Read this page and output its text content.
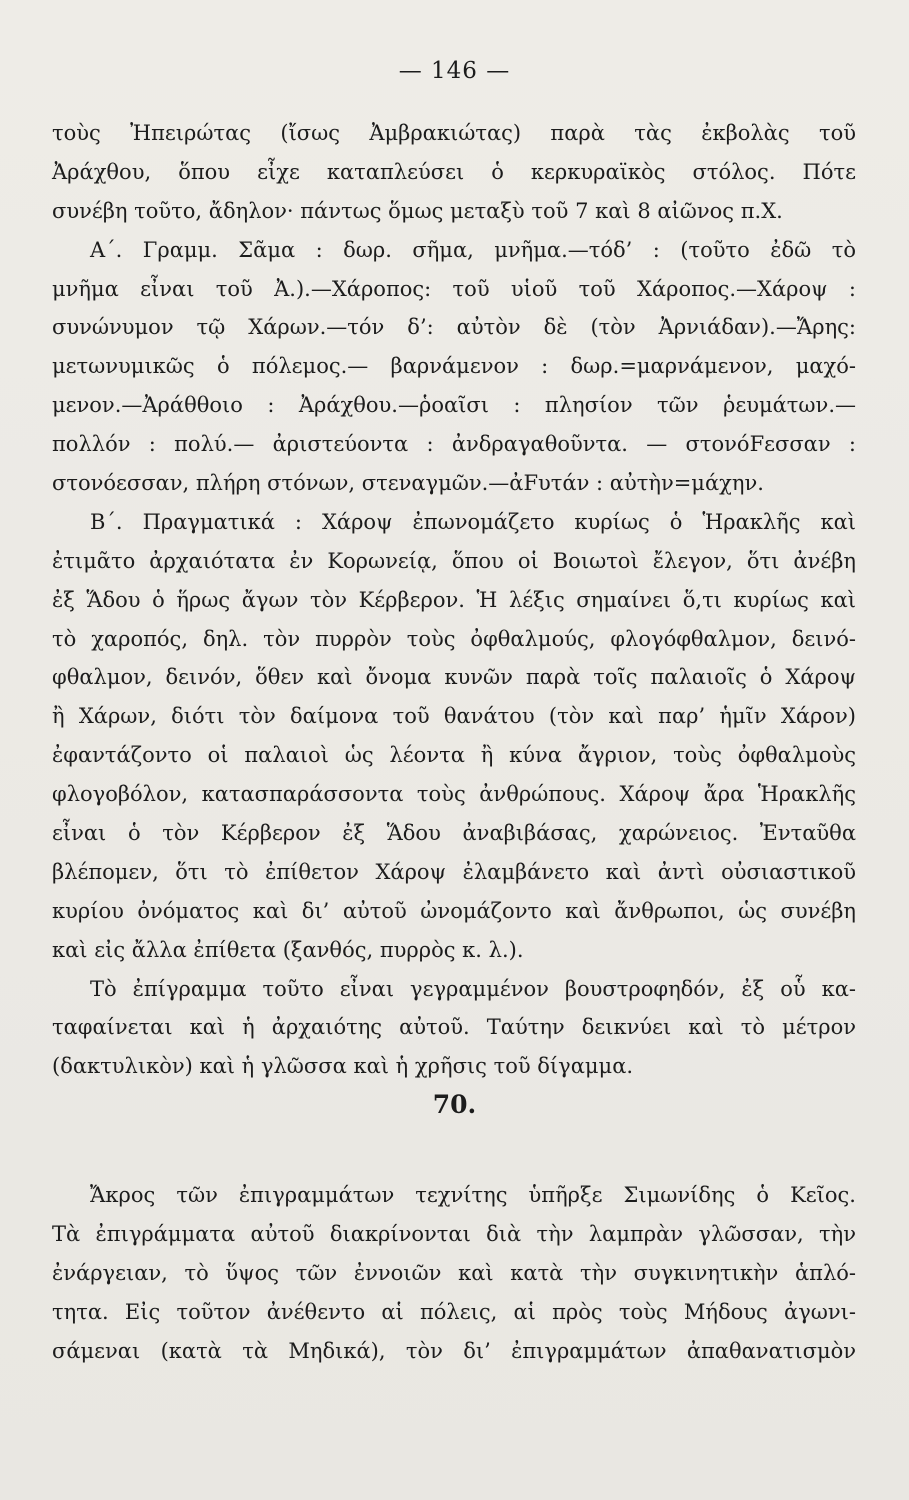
— 146 —
τοὺς Ἠπειρώτας (ἴσως Ἀμβρακιώτας) παρὰ τὰς ἐκβολὰς τοῦ
Ἀράχθου, ὅπου εἶχε καταπλεύσει ὁ κερκυραϊκὸς στόλος. Πότε
συνέβη τοῦτο, ἄδηλον· πάντως ὅμως μεταξὺ τοῦ 7 καὶ 8 αἰῶνος π.Χ.
Α΄. Γραμμ. Σᾶμα : δωρ. σῆμα, μνῆμα.—τόδ’ : (τοῦτο ἐδῶ τὸ
μνῆμα εἶναι τοῦ Ἀ.).—Χάροπος: τοῦ υἱοῦ τοῦ Χάροπος.—Χάροψ :
συνώνυμον τῷ Χάρων.—τόν δ’: αὐτὸν δὲ (τὸν Ἀρνιάδαν).—Ἄρης:
μετωνυμικῶς ὁ πόλεμος.— βαρνάμενον : δωρ.=μαρνάμενον, μαχό-
μενον.—Ἀράθθοιο : Ἀράχθου.—ῥοαῖσι : πλησίον τῶν ῥευμάτων.—
πολλόν : πολύ.— ἀριστεύοντα : ἀνδραγαθοῦντα. — στονόFεσσαν :
στονόεσσαν, πλήρη στόνων, στεναγμῶν.—ἀFυτάν : αὐτὴν=μάχην.
Β΄. Πραγματικά : Χάροψ ἐπωνομάζετο κυρίως ὁ Ἡρακλῆς καὶ
ἐτιμᾶτο ἀρχαιότατα ἐν Κορωνείᾳ, ὅπου οἱ Βοιωτοὶ ἔλεγον, ὅτι ἀνέβη
ἐξ Ἅδου ὁ ἥρως ἄγων τὸν Κέρβερον. Ἡ λέξις σημαίνει ὅ,τι κυρίως καὶ
τὸ χαροπός, δηλ. τὸν πυρρὸν τοὺς ὀφθαλμούς, φλογόφθαλμον, δεινό-
φθαλμον, δεινόν, ὅθεν καὶ ὄνομα κυνῶν παρὰ τοῖς παλαιοῖς ὁ Χάροψ
ἢ Χάρων, διότι τὸν δαίμονα τοῦ θανάτου (τὸν καὶ παρ’ ἡμῖν Χάρον)
ἐφαντάζοντο οἱ παλαιοὶ ὡς λέοντα ἢ κύνα ἄγριον, τοὺς ὀφθαλμοὺς
φλογοβόλον, κατασπαράσσοντα τοὺς ἀνθρώπους. Χάροψ ἄρα Ἡρακλῆς
εἶναι ὁ τὸν Κέρβερον ἐξ Ἅδου ἀναβιβάσας, χαρώνειος. Ἐνταῦθα
βλέπομεν, ὅτι τὸ ἐπίθετον Χάροψ ἐλαμβάνετο καὶ ἀντὶ οὐσιαστικοῦ
κυρίου ὀνόματος καὶ δι’ αὐτοῦ ὠνομάζοντο καὶ ἄνθρωποι, ὡς συνέβη
καὶ εἰς ἄλλα ἐπίθετα (ξανθός, πυρρὸς κ. λ.).
Τὸ ἐπίγραμμα τοῦτο εἶναι γεγραμμένον βουστροφηδόν, ἐξ οὗ κα-
ταφαίνεται καὶ ἡ ἀρχαιότης αὐτοῦ. Ταύτην δεικνύει καὶ τὸ μέτρον
(δακτυλικὸν) καὶ ἡ γλῶσσα καὶ ἡ χρῆσις τοῦ δίγαμμα.
70.
Ἄκρος τῶν ἐπιγραμμάτων τεχνίτης ὑπῆρξε Σιμωνίδης ὁ Κεῖος.
Τὰ ἐπιγράμματα αὐτοῦ διακρίνονται διὰ τὴν λαμπρὰν γλῶσσαν, τὴν
ἐνάργειαν, τὸ ὕψος τῶν ἐννοιῶν καὶ κατὰ τὴν συγκινητικὴν ἁπλό-
τητα. Εἰς τοῦτον ἀνέθεντο αἱ πόλεις, αἱ πρὸς τοὺς Μήδους ἀγωνι-
σάμεναι (κατὰ τὰ Μηδικά), τὸν δι’ ἐπιγραμμάτων ἀπαθανατισμὸν
